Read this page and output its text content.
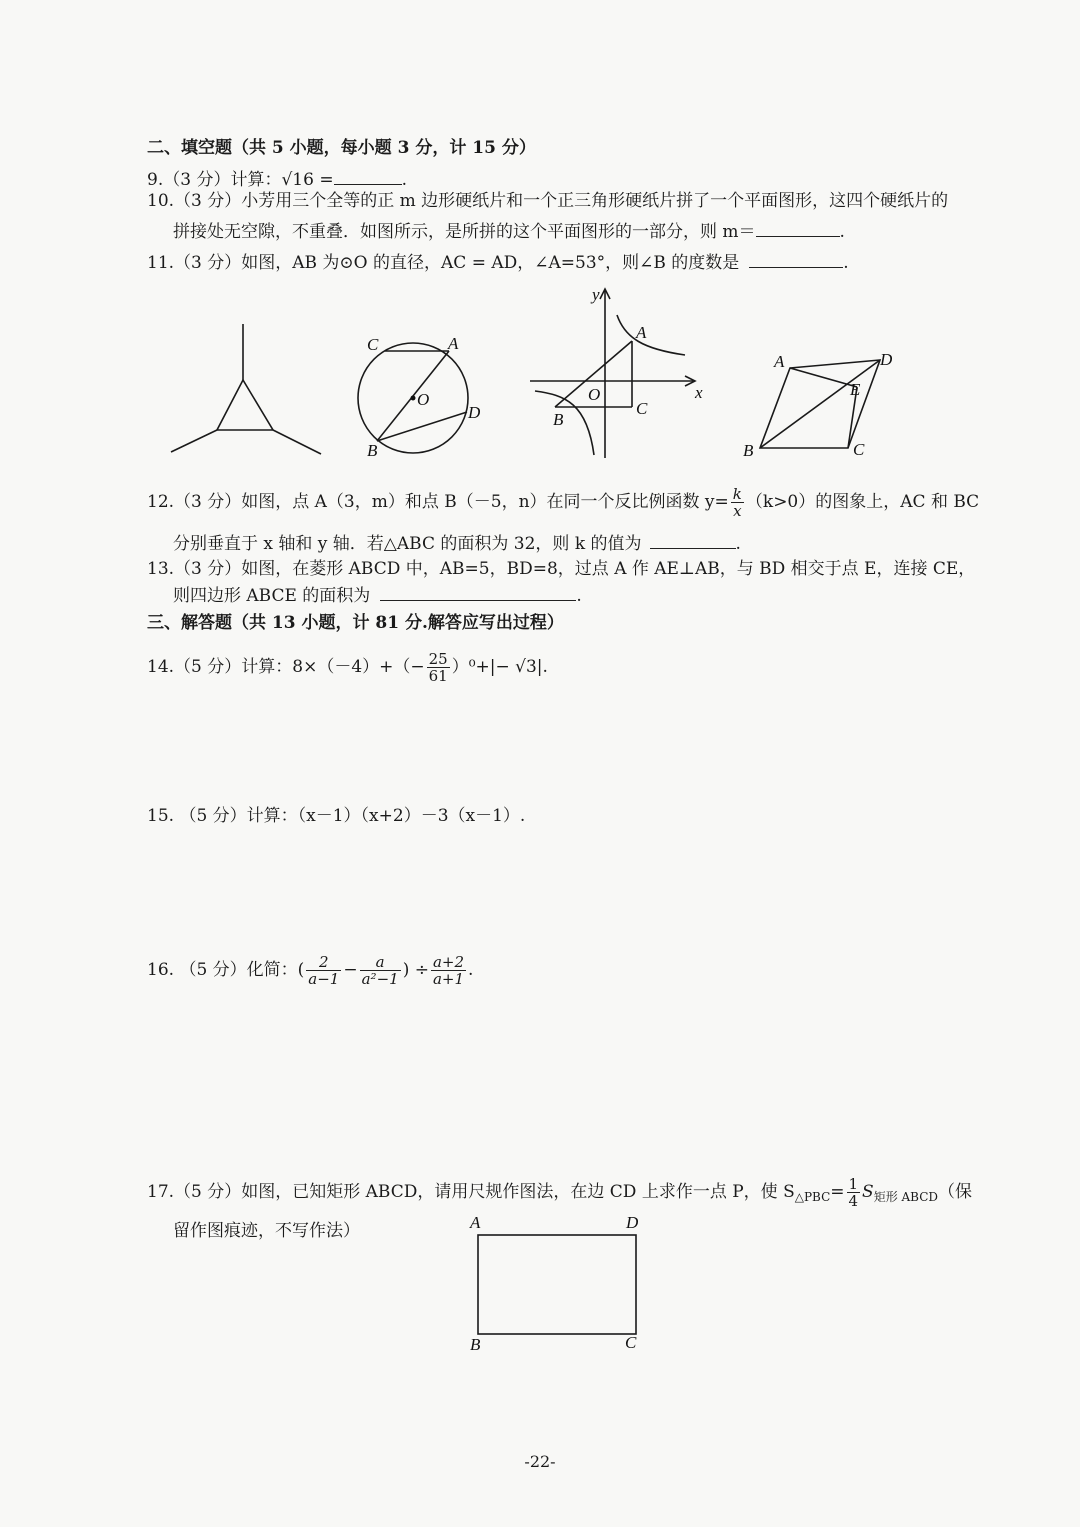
二、填空题（共 5 小题，每小题 3 分，计 15 分）
9.（3 分）计算：√16 =	.
10.（3 分）小芳用三个全等的正 m 边形硬纸片和一个正三角形硬纸片拼了一个平面图形，这四个硬纸片的
拼接处无空隙，不重叠．如图所示，是所拼的这个平面图形的一部分，则 m＝	.
11.（3 分）如图，AB 为⊙O 的直径，AC = AD，∠A=53°，则∠B 的度数是	.
C	A
O
D
B
y
x
A
O
B
C
A	D
E
B	C
12.（3 分）如图，点 A（3，m）和点 B（－5，n）在同一个反比例函数 $y= \frac{k}{x} (k>0)$的图象上，AC 和 BC
分别垂直于 x 轴和 y 轴．若△ABC 的面积为 32，则 k 的值为	.
13.（3 分）如图，在菱形 ABCD 中，AB=5，BD=8，过点 A 作 AE⊥AB，与 BD 相交于点 E，连接 CE，
则四边形 ABCE 的面积为	.
三、解答题（共 13 小题，计 81 分.解答应写出过程）
14.（5 分）计算：$8\times(-4)+(- \frac{25}{61} )^0+|- √3|$.
15. （5 分）计算：（x－1）（x+2）－3（x－1）.
16. （5 分）化简：( $\frac{2}{a-1} - \frac{a}{\text{a²−1}}$ ) ÷ $\frac{a+2}{a+1}$ .
17.（5 分）如图，已知矩形 ABCD，请用尺规作图法，在边 CD 上求作一点 P，使 $S_{\triangle PBC}= \frac{1}{4} S_{矩形 ABCD}$（保
留作图痕迹，不写作法）	A	D
B	C
-22-
